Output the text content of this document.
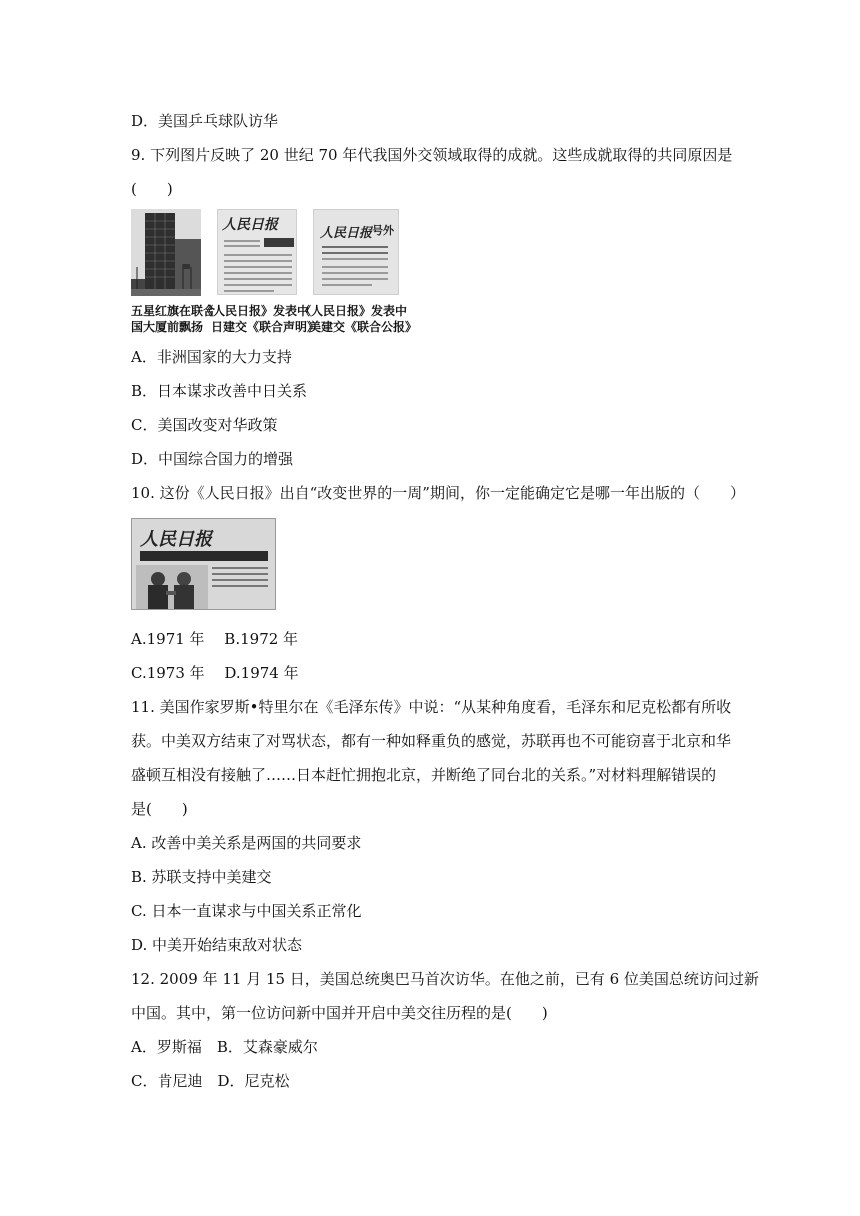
D．美国乒乓球队访华
9. 下列图片反映了 20 世纪 70 年代我国外交领域取得的成就。这些成就取得的共同原因是
(　　)
五星红旗在联合
国大厦前飘扬
人民日报
《人民日报》发表中
日建交《联合声明》
人民日报 号外
《人民日报》发表中
美建交《联合公报》
A．非洲国家的大力支持
B．日本谋求改善中日关系
C．美国改变对华政策
D．中国综合国力的增强
10. 这份《人民日报》出自“改变世界的一周”期间，你一定能确定它是哪一年出版的（　　）
人民日报
A.1971 年　 B.1972 年
C.1973 年　 D.1974 年
11. 美国作家罗斯•特里尔在《毛泽东传》中说：“从某种角度看，毛泽东和尼克松都有所收
获。中美双方结束了对骂状态，都有一种如释重负的感觉，苏联再也不可能窃喜于北京和华
盛顿互相没有接触了……日本赶忙拥抱北京，并断绝了同台北的关系。”对材料理解错误的
是(　　)
A. 改善中美关系是两国的共同要求
B. 苏联支持中美建交
C. 日本一直谋求与中国关系正常化
D. 中美开始结束敌对状态
12. 2009 年 11 月 15 日，美国总统奥巴马首次访华。在他之前，已有 6 位美国总统访问过新
中国。其中，第一位访问新中国并开启中美交往历程的是(　　)
A．罗斯福　B．艾森豪威尔
C．肯尼迪　D．尼克松
